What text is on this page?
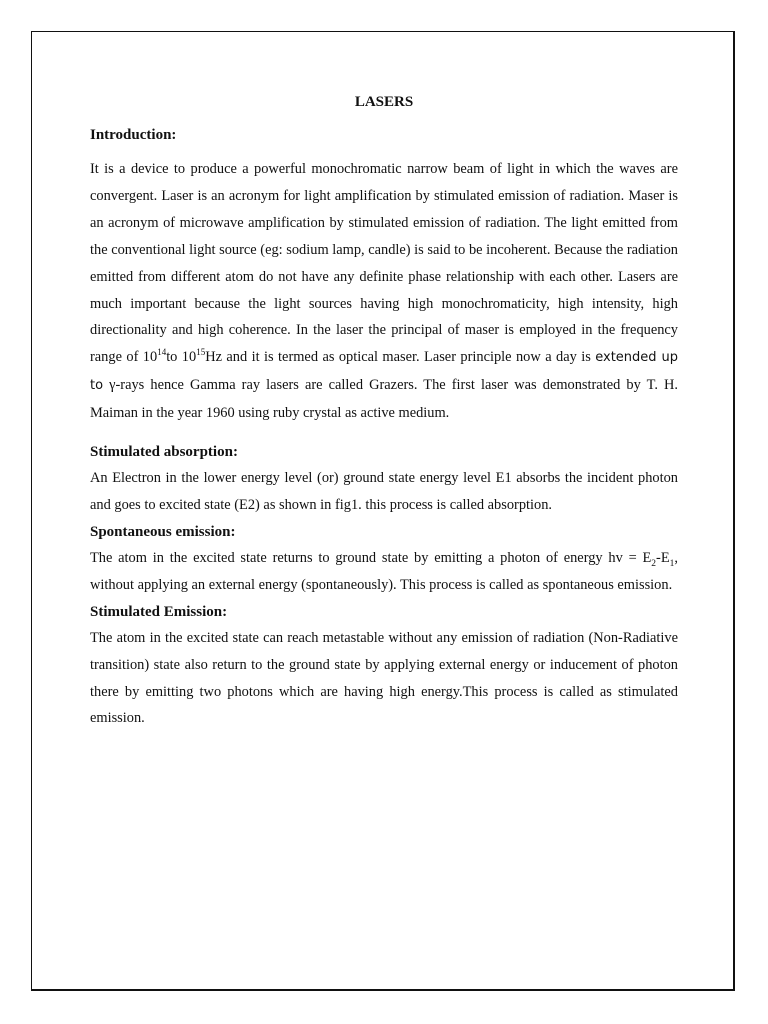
LASERS
Introduction:

It is a device to produce a powerful monochromatic narrow beam of light in which the waves are convergent. Laser is an acronym for light amplification by stimulated emission of radiation. Maser is an acronym of microwave amplification by stimulated emission of radiation. The light emitted from the conventional light source (eg: sodium lamp, candle) is said to be incoherent. Because the radiation emitted from different atom do not have any definite phase relationship with each other. Lasers are much important because the light sources having high monochromaticity, high intensity, high directionality and high coherence. In the laser the principal of maser is employed in the frequency range of $10^{14}to$ $10^{15}Hz$ and it is termed as optical maser. Laser principle now a day is extended up to γ-rays hence Gamma ray lasers are called Grazers. The first laser was demonstrated by T. H. Maiman in the year 1960 using ruby crystal as active medium.

Stimulated absorption:

An Electron in the lower energy level (or) ground state energy level E1 absorbs the incident photon and goes to excited state (E2) as shown in fig1. this process is called absorption.

Spontaneous emission:

The atom in the excited state returns to ground state by emitting a photon of energy hv = $E_2-E_1$, without applying an external energy (spontaneously). This process is called as spontaneous emission.

Stimulated Emission:

The atom in the excited state can reach metastable without any emission of radiation (Non-Radiative transition) state also return to the ground state by applying external energy or inducement of photon there by emitting two photons which are having high energy.This process is called as stimulated emission.
